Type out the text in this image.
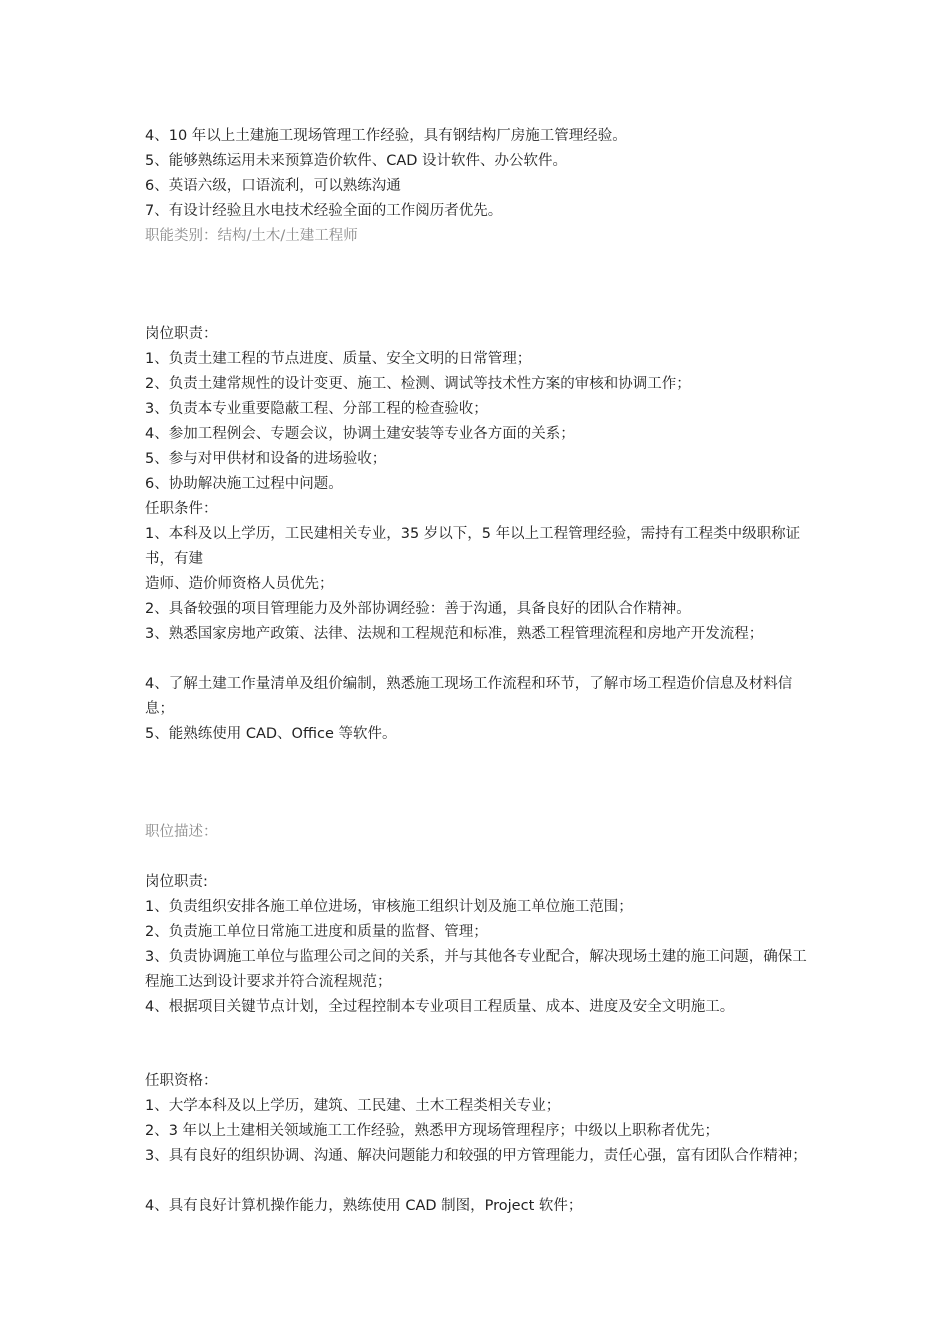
4、10 年以上土建施工现场管理工作经验，具有钢结构厂房施工管理经验。
5、能够熟练运用未来预算造价软件、CAD 设计软件、办公软件。
6、英语六级，口语流利，可以熟练沟通
7、有设计经验且水电技术经验全面的工作阅历者优先。
职能类别：结构/土木/土建工程师
岗位职责：
1、负责土建工程的节点进度、质量、安全文明的日常管理；
2、负责土建常规性的设计变更、施工、检测、调试等技术性方案的审核和协调工作；
3、负责本专业重要隐蔽工程、分部工程的检查验收；
4、参加工程例会、专题会议，协调土建安装等专业各方面的关系；
5、参与对甲供材和设备的进场验收；
6、协助解决施工过程中问题。
任职条件：
1、本科及以上学历，工民建相关专业，35 岁以下，5 年以上工程管理经验，需持有工程类中级职称证书，有建
造师、造价师资格人员优先；
2、具备较强的项目管理能力及外部协调经验：善于沟通，具备良好的团队合作精神。
3、熟悉国家房地产政策、法律、法规和工程规范和标准，熟悉工程管理流程和房地产开发流程；
4、了解土建工作量清单及组价编制，熟悉施工现场工作流程和环节，了解市场工程造价信息及材料信息；
5、能熟练使用 CAD、Office 等软件。
职位描述：
岗位职责:
1、负责组织安排各施工单位进场，审核施工组织计划及施工单位施工范围；
2、负责施工单位日常施工进度和质量的监督、管理；
3、负责协调施工单位与监理公司之间的关系，并与其他各专业配合，解决现场土建的施工问题，确保工程施工达到设计要求并符合流程规范；
4、根据项目关键节点计划，全过程控制本专业项目工程质量、成本、进度及安全文明施工。
任职资格：
1、大学本科及以上学历，建筑、工民建、土木工程类相关专业；
2、3 年以上土建相关领域施工工作经验，熟悉甲方现场管理程序；中级以上职称者优先；
3、具有良好的组织协调、沟通、解决问题能力和较强的甲方管理能力，责任心强，富有团队合作精神；
4、具有良好计算机操作能力，熟练使用 CAD 制图，Project 软件；
